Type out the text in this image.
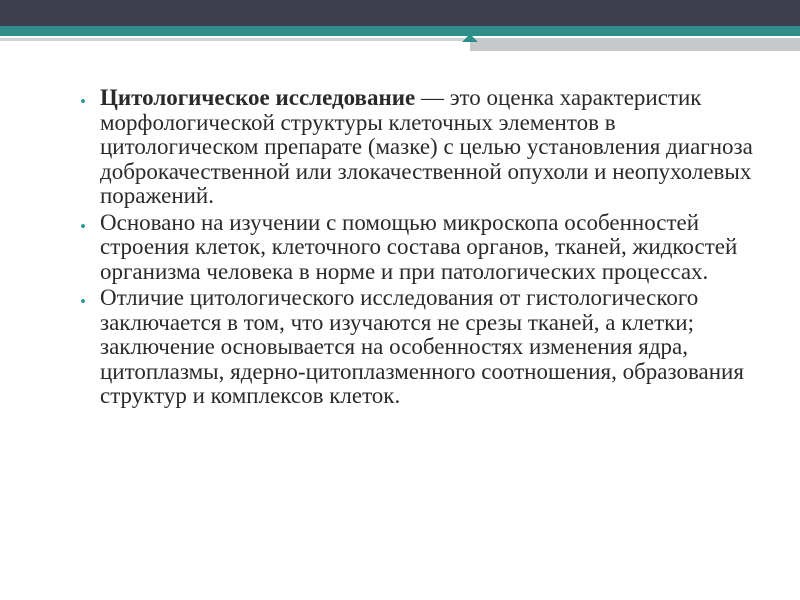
• Цитологическое исследование — это оценка характеристик морфологической структуры клеточных элементов в цитологическом препарате (мазке) с целью установления диагноза доброкачественной или злокачественной опухоли и неопухолевых поражений.
• Основано на изучении с помощью микроскопа особенностей строения клеток, клеточного состава органов, тканей, жидкостей организма человека в норме и при патологических процессах.
• Отличие цитологического исследования от гистологического заключается в том, что изучаются не срезы тканей, а клетки; заключение основывается на особенностях изменения ядра, цитоплазмы, ядерно-цитоплазменного соотношения, образования структур и комплексов клеток.
